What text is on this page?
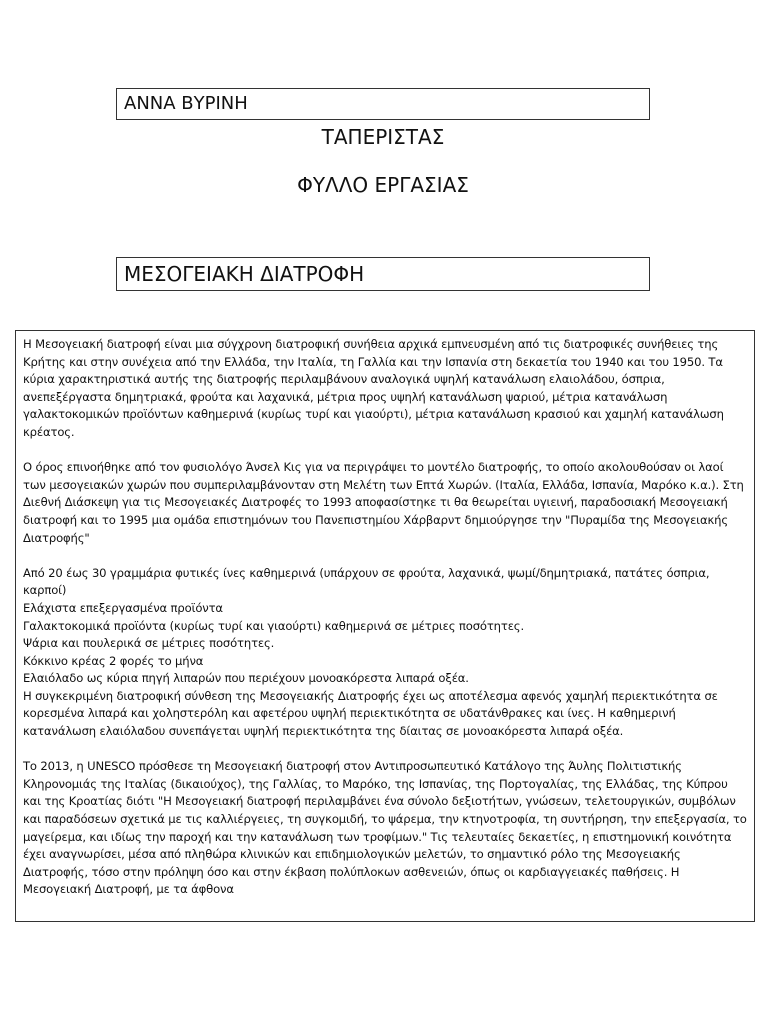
ΑΝΝΑ ΒΥΡΙΝΗ
ΤΑΠΕΡΙΣΤΑΣ
ΦΥΛΛΟ ΕΡΓΑΣΙΑΣ
ΜΕΣΟΓΕΙΑΚΗ ΔΙΑΤΡΟΦΗ

Η Μεσογειακή διατροφή είναι μια σύγχρονη διατροφική συνήθεια αρχικά εμπνευσμένη από τις διατροφικές συνήθειες της Κρήτης και στην συνέχεια από την Ελλάδα, την Ιταλία, τη Γαλλία και την Ισπανία στη δεκαετία του 1940 και του 1950. Τα κύρια χαρακτηριστικά αυτής της διατροφής περιλαμβάνουν αναλογικά υψηλή κατανάλωση ελαιολάδου, όσπρια, ανεπεξέργαστα δημητριακά, φρούτα και λαχανικά, μέτρια προς υψηλή κατανάλωση ψαριού, μέτρια κατανάλωση γαλακτοκομικών προϊόντων καθημερινά (κυρίως τυρί και γιαούρτι), μέτρια κατανάλωση κρασιού και χαμηλή κατανάλωση κρέατος.

Ο όρος επινοήθηκε από τον φυσιολόγο Άνσελ Κις για να περιγράψει το μοντέλο διατροφής, το οποίο ακολουθούσαν οι λαοί των μεσογειακών χωρών που συμπεριλαμβάνονταν στη Μελέτη των Επτά Χωρών. (Ιταλία, Ελλάδα, Ισπανία, Μαρόκο κ.α.). Στη Διεθνή Διάσκεψη για τις Μεσογειακές Διατροφές το 1993 αποφασίστηκε τι θα θεωρείται υγιεινή, παραδοσιακή Μεσογειακή διατροφή και το 1995 μια ομάδα επιστημόνων του Πανεπιστημίου Χάρβαρντ δημιούργησε την "Πυραμίδα της Μεσογειακής Διατροφής"

Από 20 έως 30 γραμμάρια φυτικές ίνες καθημερινά (υπάρχουν σε φρούτα, λαχανικά, ψωμί/δημητριακά, πατάτες όσπρια, καρποί)
Ελάχιστα επεξεργασμένα προϊόντα
Γαλακτοκομικά προϊόντα (κυρίως τυρί και γιαούρτι) καθημερινά σε μέτριες ποσότητες.
Ψάρια και πουλερικά σε μέτριες ποσότητες.
Κόκκινο κρέας 2 φορές το μήνα
Ελαιόλαδο ως κύρια πηγή λιπαρών που περιέχουν μονοακόρεστα λιπαρά οξέα.
Η συγκεκριμένη διατροφική σύνθεση της Μεσογειακής Διατροφής έχει ως αποτέλεσμα αφενός χαμηλή περιεκτικότητα σε κορεσμένα λιπαρά και χοληστερόλη και αφετέρου υψηλή περιεκτικότητα σε υδατάνθρακες και ίνες. Η καθημερινή κατανάλωση ελαιόλαδου συνεπάγεται υψηλή περιεκτικότητα της δίαιτας σε μονοακόρεστα λιπαρά οξέα.

Το 2013, η UNESCO πρόσθεσε τη Μεσογειακή διατροφή στον Αντιπροσωπευτικό Κατάλογο της Άυλης Πολιτιστικής Κληρονομιάς της Ιταλίας (δικαιούχος), της Γαλλίας, το Μαρόκο, της Ισπανίας, της Πορτογαλίας, της Ελλάδας, της Κύπρου και της Κροατίας διότι "Η Μεσογειακή διατροφή περιλαμβάνει ένα σύνολο δεξιοτήτων, γνώσεων, τελετουργικών, συμβόλων και παραδόσεων σχετικά με τις καλλιέργειες, τη συγκομιδή, το ψάρεμα, την κτηνοτροφία, τη συντήρηση, την επεξεργασία, το μαγείρεμα, και ιδίως την παροχή και την κατανάλωση των τροφίμων." Τις τελευταίες δεκαετίες, η επιστημονική κοινότητα έχει αναγνωρίσει, μέσα από πληθώρα κλινικών και επιδημιολογικών μελετών, το σημαντικό ρόλο της Μεσογειακής Διατροφής, τόσο στην πρόληψη όσο και στην έκβαση πολύπλοκων ασθενειών, όπως οι καρδιαγγειακές παθήσεις. Η Μεσογειακή Διατροφή, με τα άφθονα
